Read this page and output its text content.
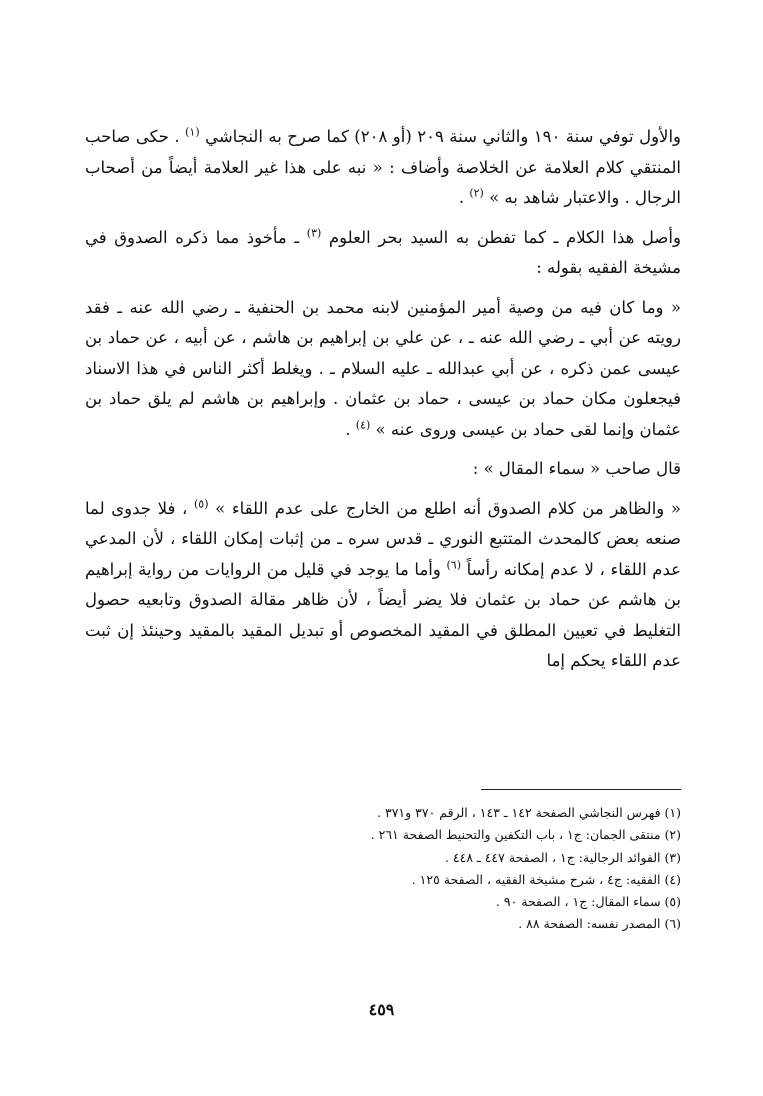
والأول توفي سنة ١٩٠ والثاني سنة ٢٠٩ (أو ٢٠٨) كما صرح به النجاشي $^{(١)}$ . حكى صاحب المنتقي كلام العلامة عن الخلاصة وأضاف : « نبه على هذا غير العلامة أيضاً من أصحاب الرجال . والاعتبار شاهد به » $^{(٢)}$ .

وأصل هذا الكلام ـ كما تفطن به السيد بحر العلوم $^{(٣)}$ ـ مأخوذ مما ذكره الصدوق في مشيخة الفقيه بقوله :

« وما كان فيه من وصية أمير المؤمنين لابنه محمد بن الحنفية ـ رضي الله عنه ـ فقد رويته عن أبي ـ رضي الله عنه ـ ، عن علي بن إبراهيم بن هاشم ، عن أبيه ، عن حماد بن عيسى عمن ذكره ، عن أبي عبدالله ـ عليه السلام ـ . ويغلط أكثر الناس في هذا الاسناد فيجعلون مكان حماد بن عيسى ، حماد بن عثمان . وإبراهيم بن هاشم لم يلق حماد بن عثمان وإنما لقى حماد بن عيسى وروى عنه » $^{(٤)}$ .

قال صاحب « سماء المقال » :

« والظاهر من كلام الصدوق أنه اطلع من الخارج على عدم اللقاء » $^{(٥)}$ ، فلا جدوى لما صنعه بعض كالمحدث المتتبع النوري ـ قدس سره ـ من إثبات إمكان اللقاء ، لأن المدعي عدم اللقاء ، لا عدم إمكانه رأساً $^{(٦)}$ وأما ما يوجد في قليل من الروايات من رواية إبراهيم بن هاشم عن حماد بن عثمان فلا يضر أيضاً ، لأن ظاهر مقالة الصدوق وتابعيه حصول التغليط في تعيين المطلق في المقيد المخصوص أو تبديل المقيد بالمقيد وحينئذ إن ثبت عدم اللقاء يحكم إما

(١) فهرس النجاشي الصفحة ١٤٢ ـ ١٤٣ ، الرقم ٣٧٠ و٣٧١ .
(٢) منتقى الجمان: ج١ ، باب التكفين والتحنيط الصفحة ٢٦١ .
(٣) الفوائد الرجالية: ج١ ، الصفحة ٤٤٧ ـ ٤٤٨ .
(٤) الفقيه: ج٤ ، شرح مشيخة الفقيه ، الصفحة ١٢٥ .
(٥) سماء المقال: ج١ ، الصفحة ٩٠ .
(٦) المصدر نفسه: الصفحة ٨٨ .
٤٥٩
